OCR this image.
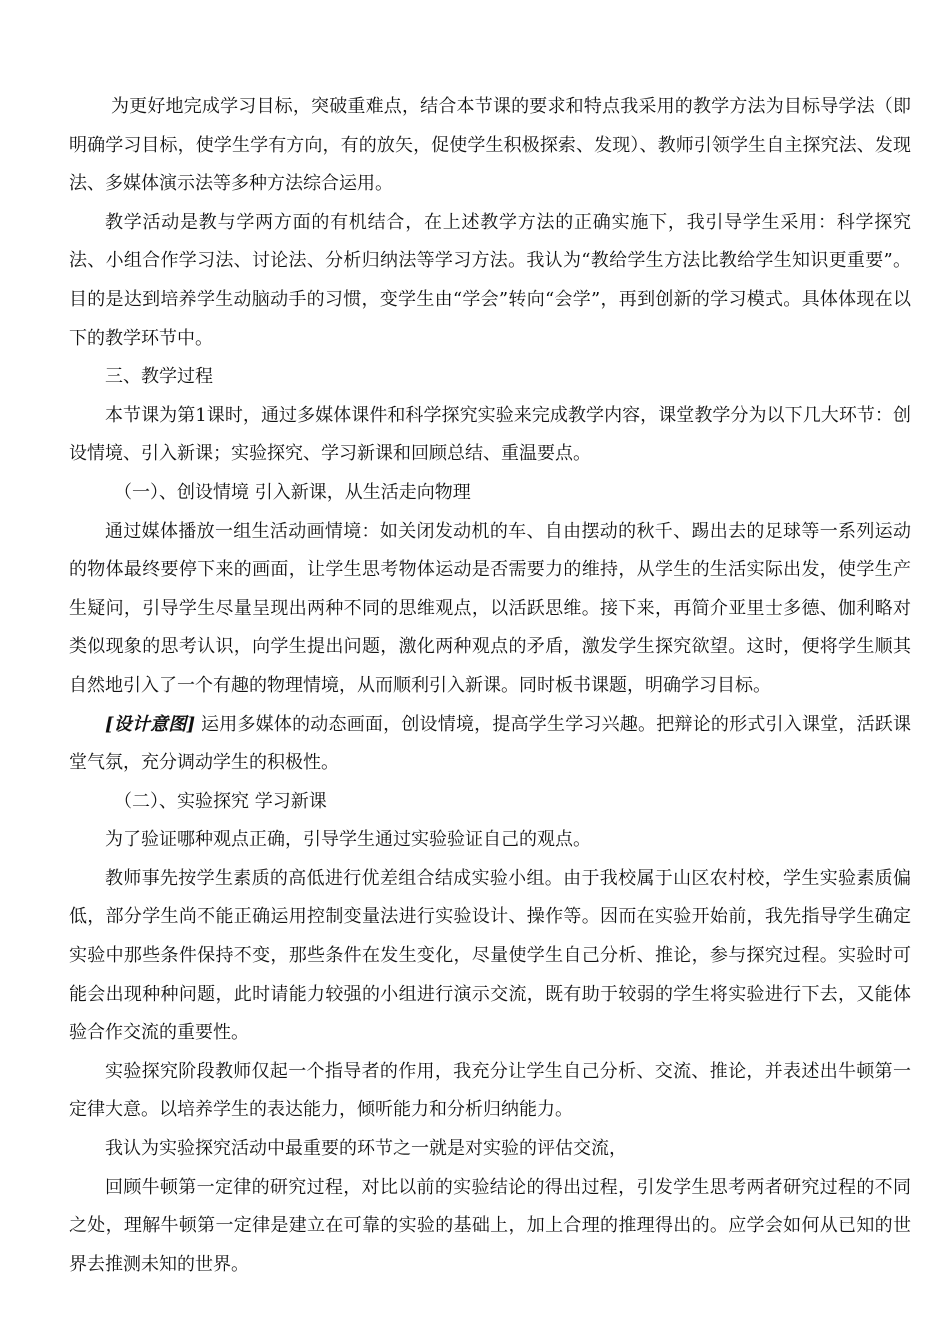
为更好地完成学习目标，突破重难点，结合本节课的要求和特点我采用的教学方法为目标导学法（即明确学习目标，使学生学有方向，有的放矢，促使学生积极探索、发现）、教师引领学生自主探究法、发现法、多媒体演示法等多种方法综合运用。

教学活动是教与学两方面的有机结合，在上述教学方法的正确实施下，我引导学生采用：科学探究法、小组合作学习法、讨论法、分析归纳法等学习方法。我认为“教给学生方法比教给学生知识更重要”。目的是达到培养学生动脑动手的习惯，变学生由“学会”转向“会学”，再到创新的学习模式。具体体现在以下的教学环节中。

三、教学过程

本节课为第1课时，通过多媒体课件和科学探究实验来完成教学内容，课堂教学分为以下几大环节：创设情境、引入新课；实验探究、学习新课和回顾总结、重温要点。

（一）、创设情境 引入新课，从生活走向物理

通过媒体播放一组生活动画情境：如关闭发动机的车、自由摆动的秋千、踢出去的足球等一系列运动的物体最终要停下来的画面，让学生思考物体运动是否需要力的维持，从学生的生活实际出发，使学生产生疑问，引导学生尽量呈现出两种不同的思维观点，以活跃思维。接下来，再简介亚里士多德、伽利略对类似现象的思考认识，向学生提出问题，激化两种观点的矛盾，激发学生探究欲望。这时，便将学生顺其自然地引入了一个有趣的物理情境，从而顺利引入新课。同时板书课题，明确学习目标。

[设计意图] 运用多媒体的动态画面，创设情境，提高学生学习兴趣。把辩论的形式引入课堂，活跃课堂气氛，充分调动学生的积极性。

（二）、实验探究 学习新课

为了验证哪种观点正确，引导学生通过实验验证自己的观点。

教师事先按学生素质的高低进行优差组合结成实验小组。由于我校属于山区农村校，学生实验素质偏低，部分学生尚不能正确运用控制变量法进行实验设计、操作等。因而在实验开始前，我先指导学生确定实验中那些条件保持不变，那些条件在发生变化，尽量使学生自己分析、推论，参与探究过程。实验时可能会出现种种问题，此时请能力较强的小组进行演示交流，既有助于较弱的学生将实验进行下去，又能体验合作交流的重要性。

实验探究阶段教师仅起一个指导者的作用，我充分让学生自己分析、交流、推论，并表述出牛顿第一定律大意。以培养学生的表达能力，倾听能力和分析归纳能力。

我认为实验探究活动中最重要的环节之一就是对实验的评估交流，

回顾牛顿第一定律的研究过程，对比以前的实验结论的得出过程，引发学生思考两者研究过程的不同之处，理解牛顿第一定律是建立在可靠的实验的基础上，加上合理的推理得出的。应学会如何从已知的世界去推测未知的世界。
